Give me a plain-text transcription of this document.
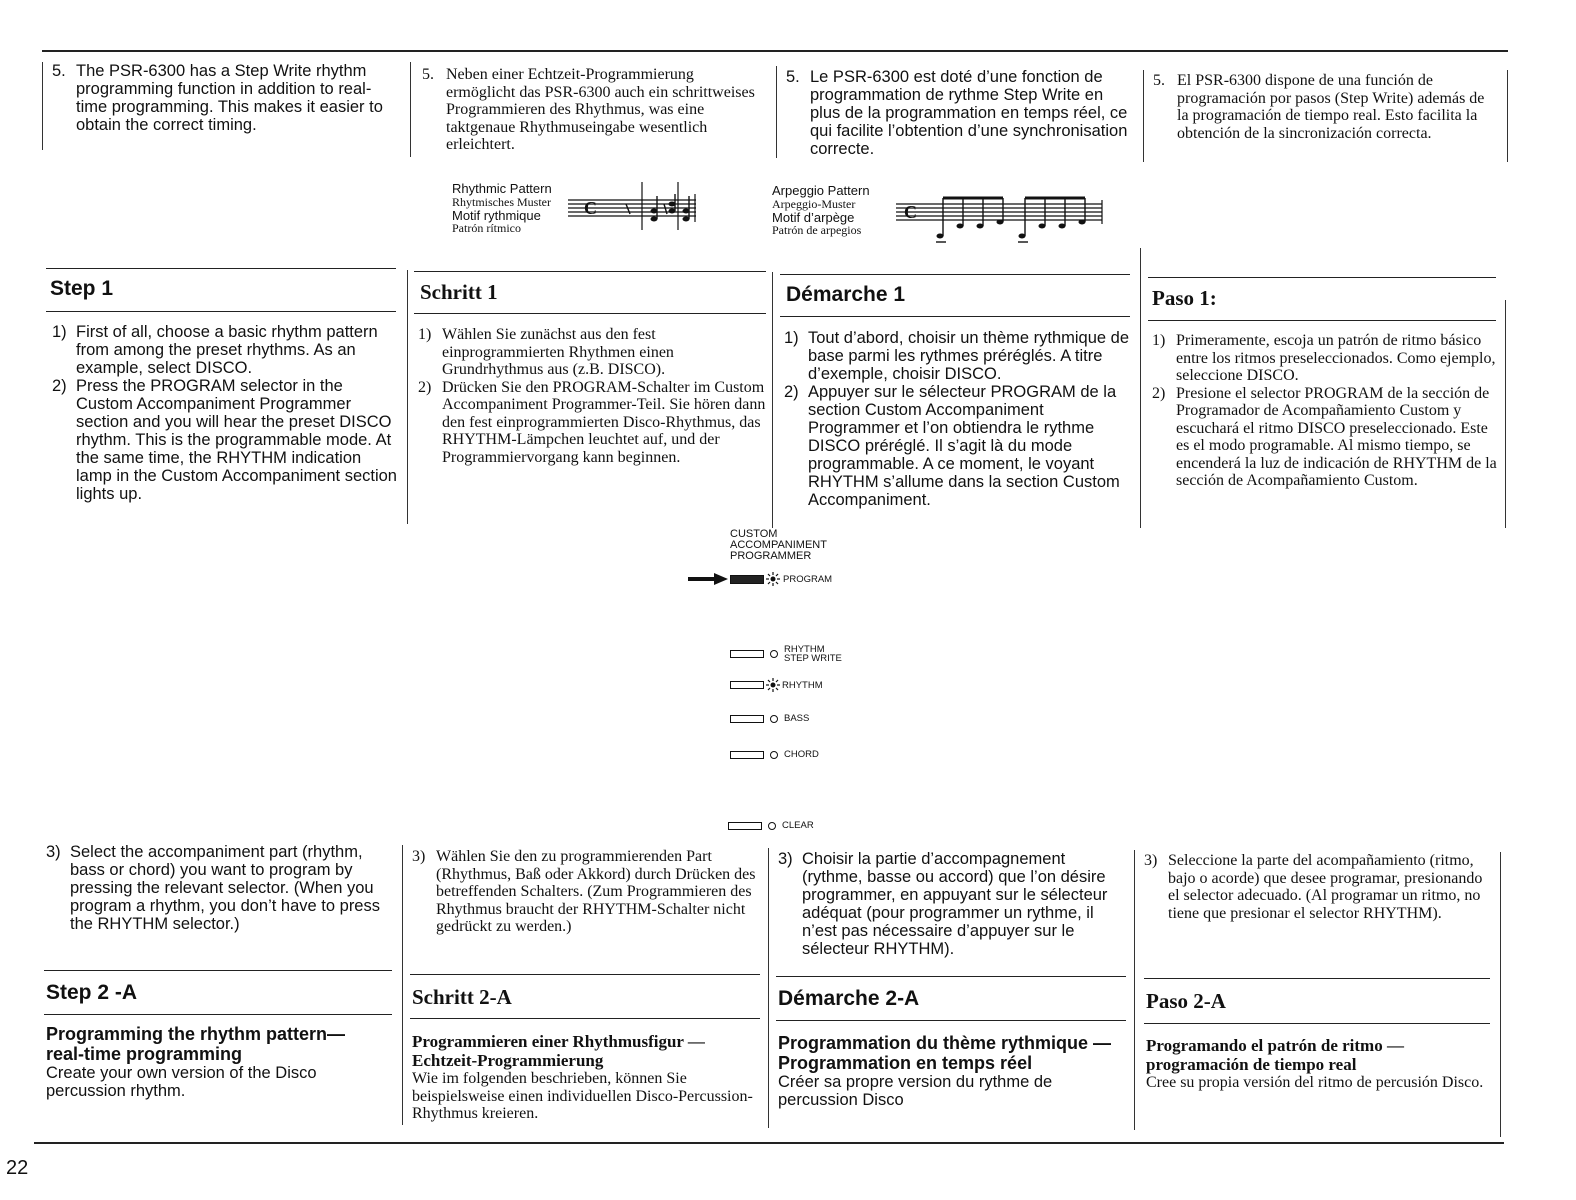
5. The PSR-6300 has a Step Write rhythm programming function in addition to real-time programming. This makes it easier to obtain the correct timing.
5. Neben einer Echtzeit-Programmierung ermöglicht das PSR-6300 auch ein schrittweises Programmieren des Rhythmus, was eine taktgenaue Rhythmuseingabe wesentlich erleichtert.
5. Le PSR-6300 est doté d’une fonction de programmation de rythme Step Write en plus de la programmation en temps réel, ce qui facilite l’obtention d’une synchronisation correcte.
5. El PSR-6300 dispone de una función de programación por pasos (Step Write) además de la programación de tiempo real. Esto facilita la obtención de la sincronización correcta.
Rhythmic Pattern
Rhytmisches Muster
Motif rythmique
Patrón rítmico
C
Arpeggio Pattern
Arpeggio-Muster
Motif d’arpège
Patrón de arpegios
C
Step 1	Schritt 1	Démarche 1	Paso 1:
1) First of all, choose a basic rhythm pattern from among the preset rhythms. As an example, select DISCO.
2) Press the PROGRAM selector in the Custom Accompaniment Programmer section and you will hear the preset DISCO rhythm. This is the programmable mode. At the same time, the RHYTHM indication lamp in the Custom Accompaniment section lights up.
1) Wählen Sie zunächst aus den fest einprogrammierten Rhythmen einen Grundrhythmus aus (z.B. DISCO).
2) Drücken Sie den PROGRAM-Schalter im Custom Accompaniment Programmer-Teil. Sie hören dann den fest einprogrammierten Disco-Rhythmus, das RHYTHM-Lämpchen leuchtet auf, und der Programmiervorgang kann beginnen.
1) Tout d’abord, choisir un thème rythmique de base parmi les rythmes préréglés. A titre d’exemple, choisir DISCO.
2) Appuyer sur le sélecteur PROGRAM de la section Custom Accompaniment Programmer et l’on obtiendra le rythme DISCO préréglé. Il s’agit là du mode programmable. A ce moment, le voyant RHYTHM s’allume dans la section Custom Accompaniment.
1) Primeramente, escoja un patrón de ritmo básico entre los ritmos preseleccionados. Como ejemplo, seleccione DISCO.
2) Presione el selector PROGRAM de la sección de Programador de Acompañamiento Custom y escuchará el ritmo DISCO preseleccionado. Este es el modo programable. Al mismo tiempo, se encenderá la luz de indicación de RHYTHM de la sección de Acompañamiento Custom.
CUSTOM
ACCOMPANIMENT
PROGRAMMER
PROGRAM
RHYTHM
STEP WRITE
RHYTHM
BASS
CHORD
CLEAR
3) Select the accompaniment part (rhythm, bass or chord) you want to program by pressing the relevant selector. (When you program a rhythm, you don’t have to press the RHYTHM selector.)
3) Wählen Sie den zu programmierenden Part (Rhythmus, Baß oder Akkord) durch Drücken des betreffenden Schalters. (Zum Programmieren des Rhythmus braucht der RHYTHM-Schalter nicht gedrückt zu werden.)
3) Choisir la partie d’accompagnement (rythme, basse ou accord) que l’on désire programmer, en appuyant sur le sélecteur adéquat (pour programmer un rythme, il n’est pas nécessaire d’appuyer sur le sélecteur RHYTHM).
3) Seleccione la parte del acompañamiento (ritmo, bajo o acorde) que desee programar, presionando el selector adecuado. (Al programar un ritmo, no tiene que presionar el selector RHYTHM).
Step 2 -A
Programming the rhythm pattern— real-time programming
Create your own version of the Disco percussion rhythm.
Schritt 2-A
Programmieren einer Rhythmusfigur — Echtzeit-Programmierung
Wie im folgenden beschrieben, können Sie beispielsweise einen individuellen Disco-Percussion-Rhythmus kreieren.
Démarche 2-A
Programmation du thème rythmique — Programmation en temps réel
Créer sa propre version du rythme de percussion Disco
Paso 2-A
Programando el patrón de ritmo — programación de tiempo real
Cree su propia versión del ritmo de percusión Disco.
22
